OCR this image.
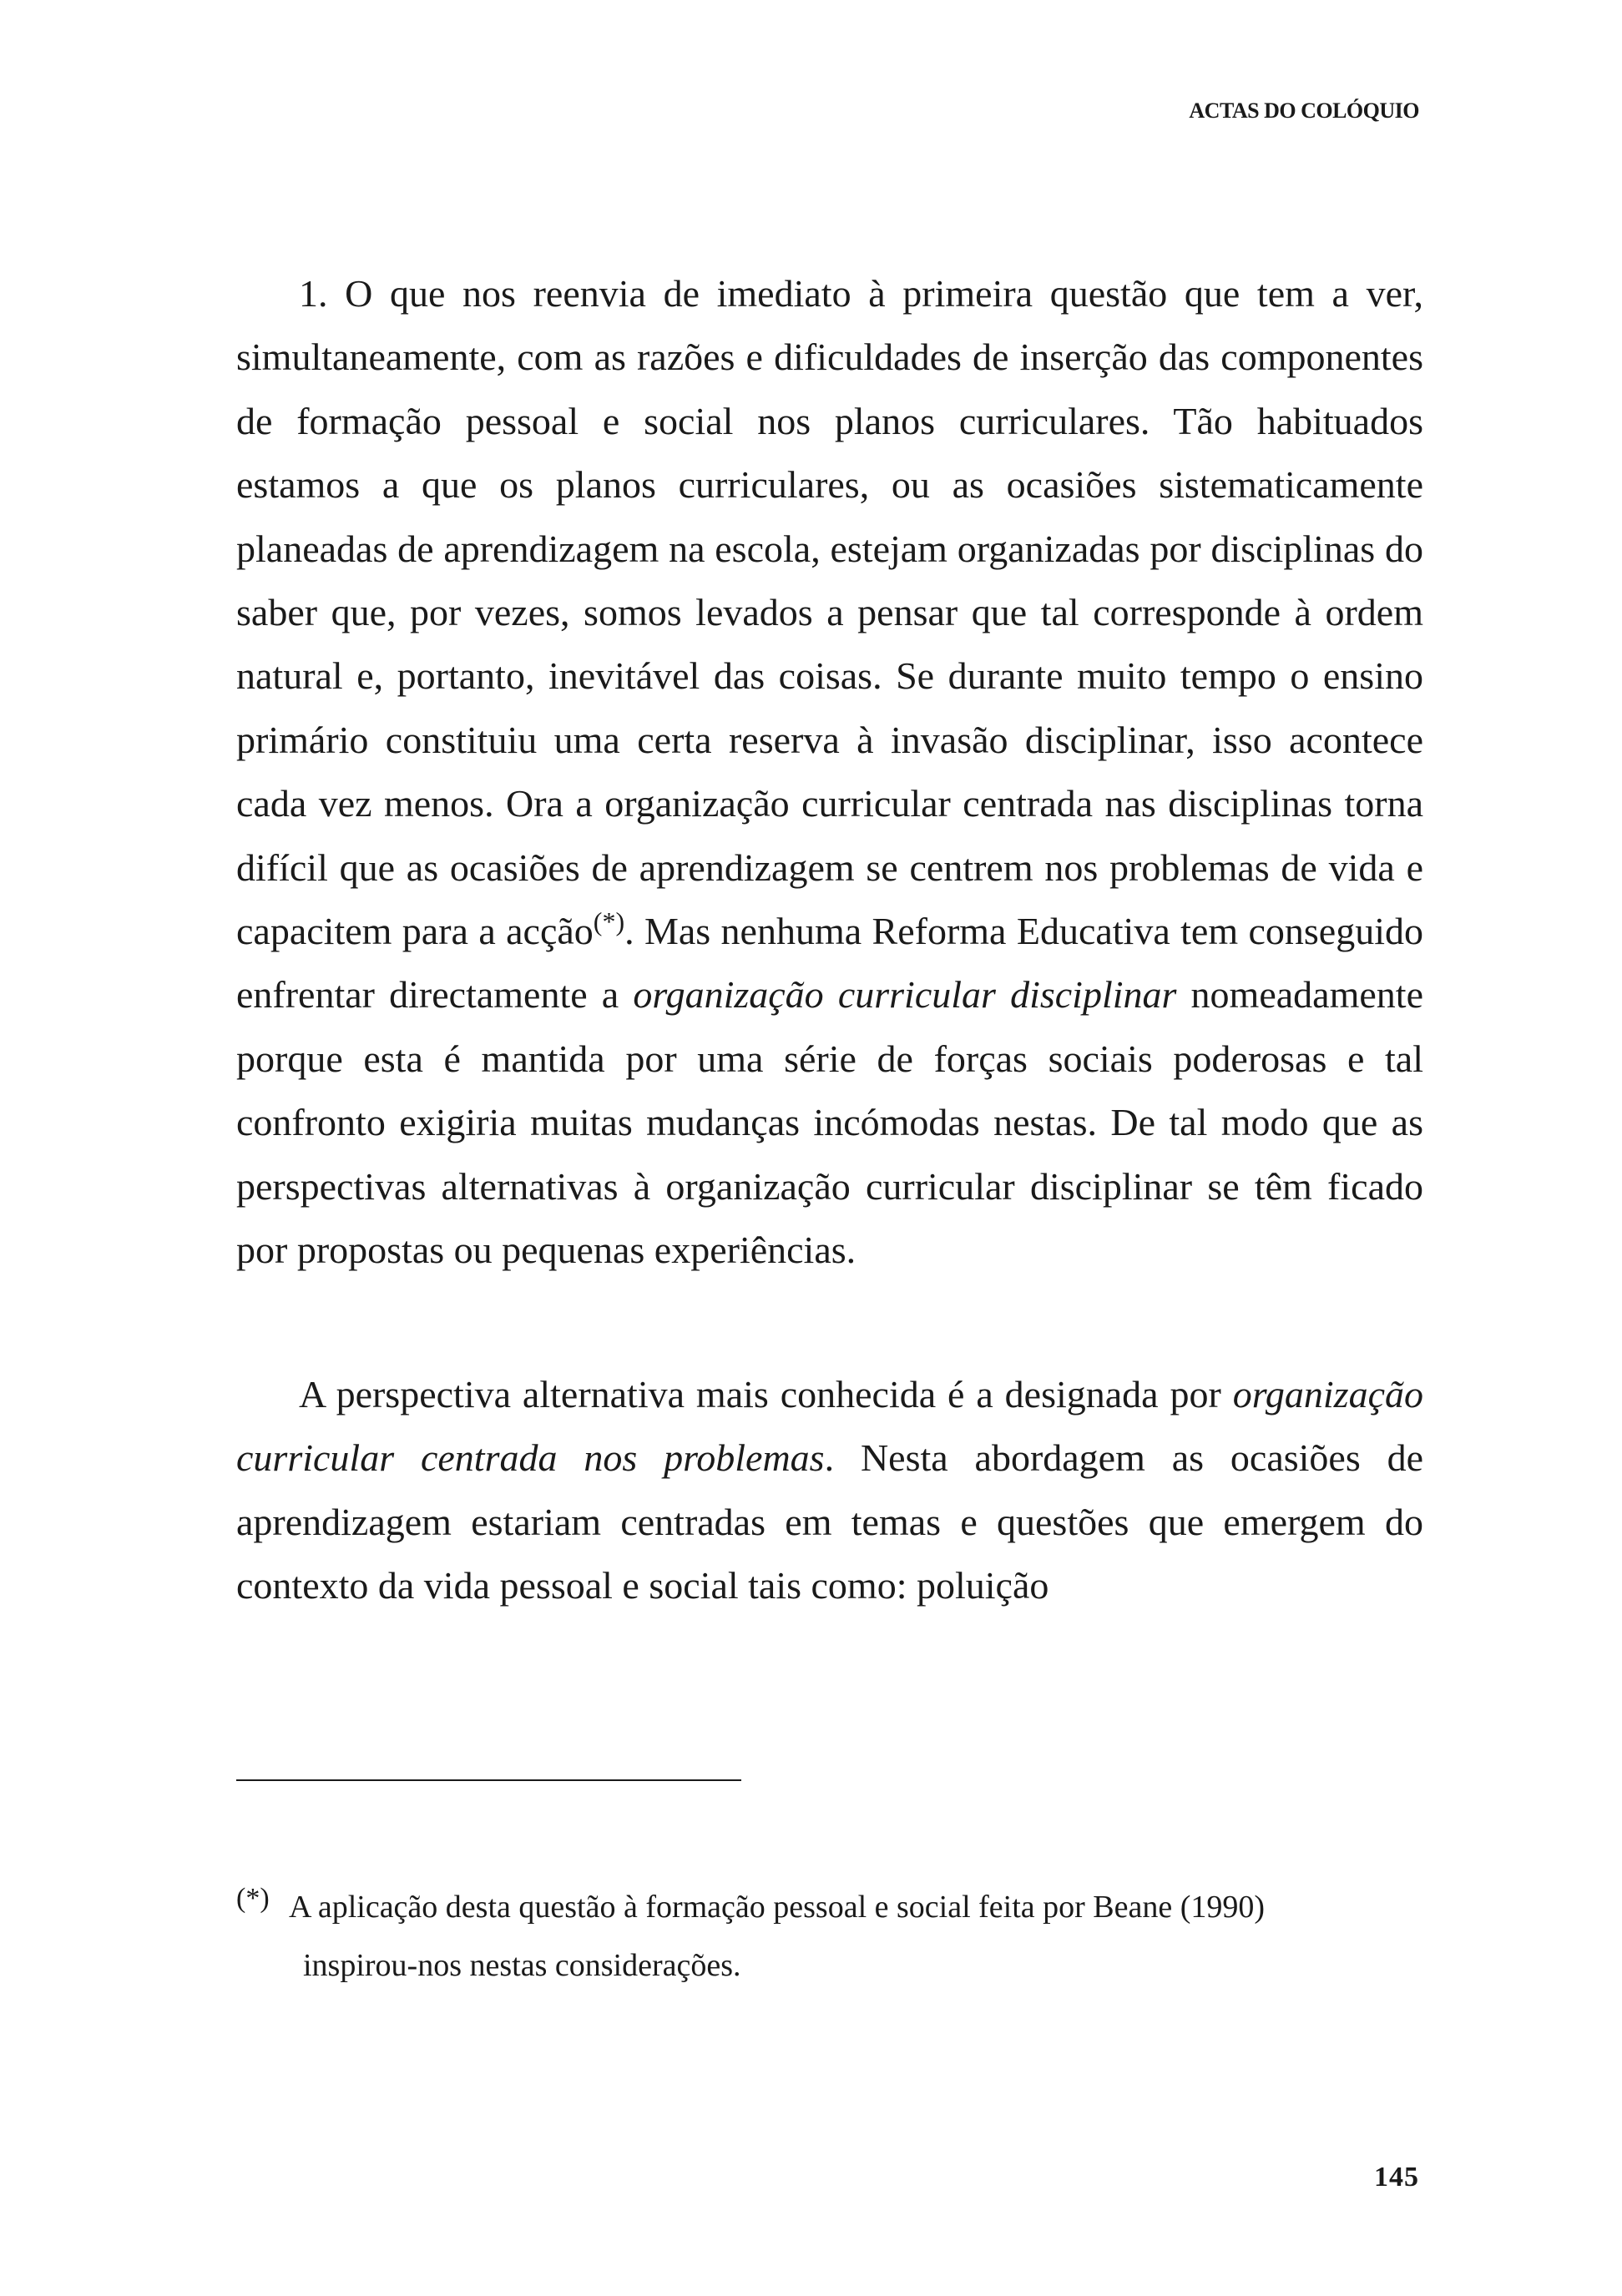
ACTAS DO COLÓQUIO

1. O que nos reenvia de imediato à primeira questão que tem a ver, simultaneamente, com as razões e dificuldades de inserção das componentes de formação pessoal e social nos planos curriculares. Tão habituados estamos a que os planos curriculares, ou as ocasiões sistematicamente planeadas de aprendizagem na escola, estejam organizadas por disciplinas do saber que, por vezes, somos levados a pensar que tal corresponde à ordem natural e, portanto, inevitável das coisas. Se durante muito tempo o ensino primário constituiu uma certa reserva à invasão disciplinar, isso acontece cada vez menos. Ora a organização curricular centrada nas disciplinas torna difícil que as ocasiões de aprendizagem se centrem nos problemas de vida e capacitem para a acção(*). Mas nenhuma Reforma Educativa tem conseguido enfrentar directamente a organização curricular disciplinar nomeadamente porque esta é mantida por uma série de forças sociais poderosas e tal confronto exigiria muitas mudanças incómodas nestas. De tal modo que as perspectivas alternativas à organização curricular disciplinar se têm ficado por propostas ou pequenas experiências.

A perspectiva alternativa mais conhecida é a designada por organização curricular centrada nos problemas. Nesta abordagem as ocasiões de aprendizagem estariam centradas em temas e questões que emergem do contexto da vida pessoal e social tais como: poluição

(*) A aplicação desta questão à formação pessoal e social feita por Beane (1990)
inspirou-nos nestas considerações.
145
